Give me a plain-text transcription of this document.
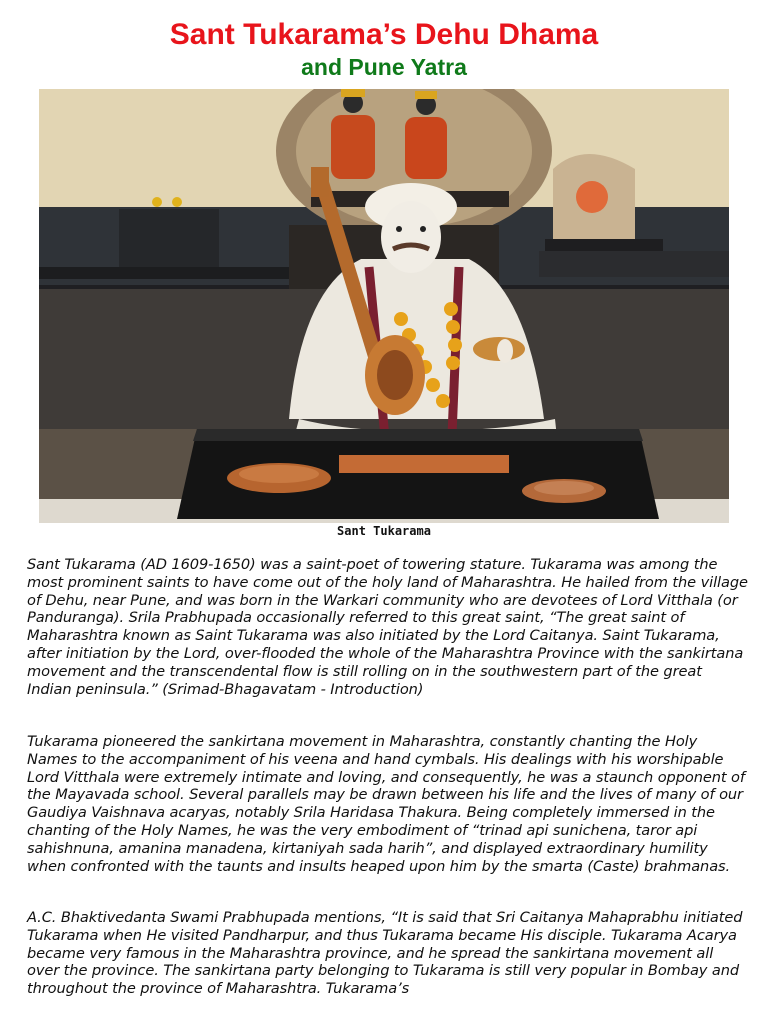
Sant Tukarama’s Dehu Dhama
and Pune Yatra
Sant Tukarama

Sant Tukarama (AD 1609-1650) was a saint-poet of towering stature. Tukarama was among the most prominent saints to have come out of the holy land of Maharashtra. He hailed from the village of Dehu, near Pune, and was born in the Warkari community who are devotees of Lord Vitthala (or Panduranga). Srila Prabhupada occasionally referred to this great saint, “The great saint of Maharashtra known as Saint Tukarama was also initiated by the Lord Caitanya. Saint Tukarama, after initiation by the Lord, over-flooded the whole of the Maharashtra Province with the sankirtana movement and the transcendental flow is still rolling on in the southwestern part of the great Indian peninsula.” (Srimad-Bhagavatam - Introduction)

Tukarama pioneered the sankirtana movement in Maharashtra, constantly chanting the Holy Names to the accompaniment of his veena and hand cymbals. His dealings with his worshipable Lord Vitthala were extremely intimate and loving, and consequently, he was a staunch opponent of the Mayavada school. Several parallels may be drawn between his life and the lives of many of our Gaudiya Vaishnava acaryas, notably Srila Haridasa Thakura. Being completely immersed in the chanting of the Holy Names, he was the very embodiment of “trinad api sunichena, taror api sahishnuna, amanina manadena, kirtaniyah sada harih”, and displayed extraordinary humility when confronted with the taunts and insults heaped upon him by the smarta (Caste) brahmanas.

A.C. Bhaktivedanta Swami Prabhupada mentions, “It is said that Sri Caitanya Mahaprabhu initiated Tukarama when He visited Pandharpur, and thus Tukarama became His disciple. Tukarama Acarya became very famous in the Maharashtra province, and he spread the sankirtana movement all over the province. The sankirtana party belonging to Tukarama is still very popular in Bombay and throughout the province of Maharashtra. Tukarama’s
